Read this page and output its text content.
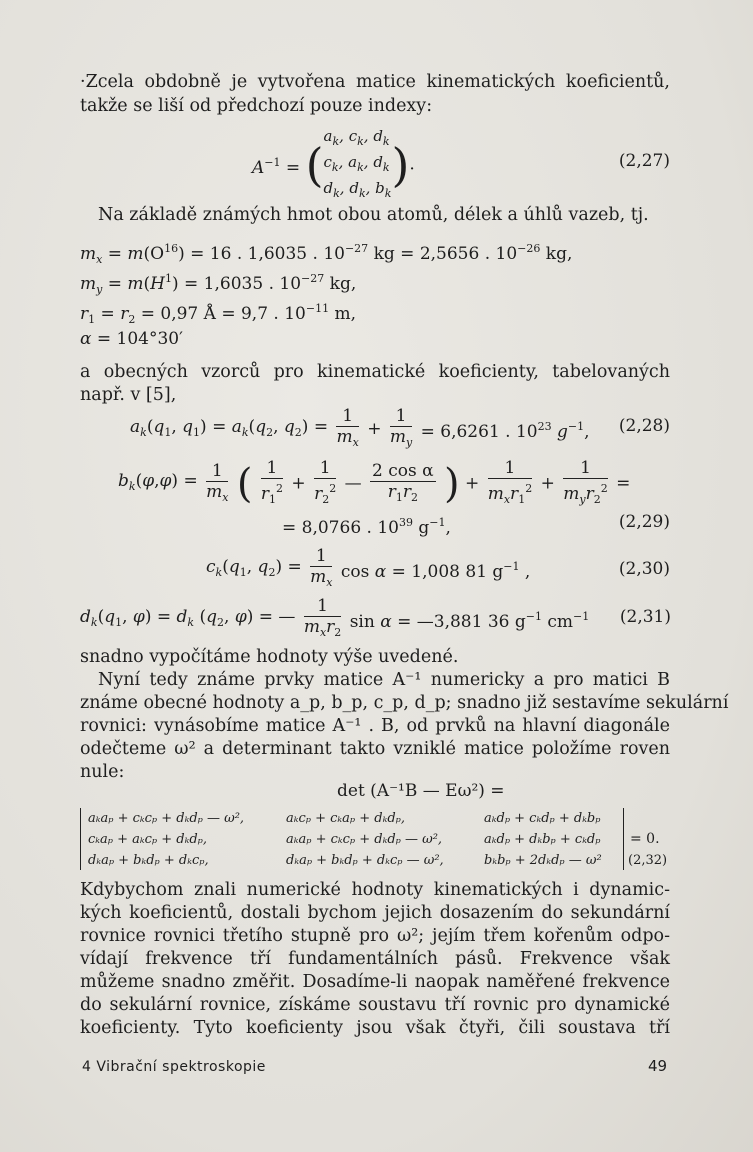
·Zcela obdobně je vytvořena matice kinematických koeficientů,
takže se liší od předchozí pouze indexy:
$A^{-1}$ = (
$a_k$, $c_k$, $d_k$
$c_k$, $a_k$, $d_k$
$d_k$, $d_k$, $b_k$
).	(2,27)
Na základě známých hmot obou atomů, délek a úhlů vazeb, tj.
$m_x = m(O^{16}) = 16$ . 1,6035 . $10^{-27}$ kg = 2,5656 . $10^{-26}$ kg,
$m_y = m(H^1) = 1,6035$ . $10^{-27}$ kg,
$r_1 = r_2 = 0,97$ Å = 9,7 . $10^{-11}$ m,
α = 104°30′
a obecných vzorců pro kinematické koeficienty, tabelovaných
např. v [5],
$a_k(q_1$, $q_1) = a_k(q_2$, $q_2) = \frac{1}{m_x} + \frac{1}{m_y} = 6,6261$ . $10^{23}$ $g^{-1}$, (2,28)
$b_k(\varphi,\varphi) = \frac{1}{m_x}$ ( $\frac{1}{r_1^2} + \frac{1}{r_2^2}$ — $\frac{\text{2 cos α}}{r_1r_2}$ ) + $\frac{1}{m_xr_1^2} + \frac{1}{m_yr_2^2}$ =
= 8,0766 . $10^{39}$ $g^{-1}$,	(2,29)
$c_k(q_1$, $q_2) = \frac{1}{m_x}$ cos α = 1,008 81 $g^{-1}$ ,	(2,30)
$d_k(q_1$, $\varphi) = d_k$ ($q_2$, φ) = — $\frac{1}{m_xr_2}$ sin α = —3,881 36 $g^{-1}$ $cm^{-1}$ (2,31)
snadno vypočítáme hodnoty výše uvedené.
Nyní tedy známe prvky matice A⁻¹ numericky a pro matici B
známe obecné hodnoty a_p, b_p, c_p, d_p; snadno již sestavíme sekulární
rovnici: vynásobíme matice A⁻¹ . B, od prvků na hlavní diagonále
odečteme ω² a determinant takto vzniklé matice položíme roven
nule:
det (A⁻¹B — Eω²) =
aₖaₚ + cₖcₚ + dₖdₚ — ω²,	aₖcₚ + cₖaₚ + dₖdₚ,	aₖdₚ + cₖdₚ + dₖbₚ
cₖaₚ + aₖcₚ + dₖdₚ,	aₖaₚ + cₖcₚ + dₖdₚ — ω²,	aₖdₚ + dₖbₚ + cₖdₚ
dₖaₚ + bₖdₚ + dₖcₚ,	dₖaₚ + bₖdₚ + dₖcₚ — ω²,	bₖbₚ + 2dₖdₚ — ω²
= 0.
(2,32)
Kdybychom znali numerické hodnoty kinematických i dynamic-
kých koeficientů, dostali bychom jejich dosazením do sekundární
rovnice rovnici třetího stupně pro ω²; jejím třem kořenům odpo-
vídají frekvence tří fundamentálních pásů. Frekvence však
můžeme snadno změřit. Dosadíme-li naopak naměřené frekvence
do sekulární rovnice, získáme soustavu tří rovnic pro dynamické
koeficienty. Tyto koeficienty jsou však čtyři, čili soustava tří
4 Vibrační spektroskopie	49
